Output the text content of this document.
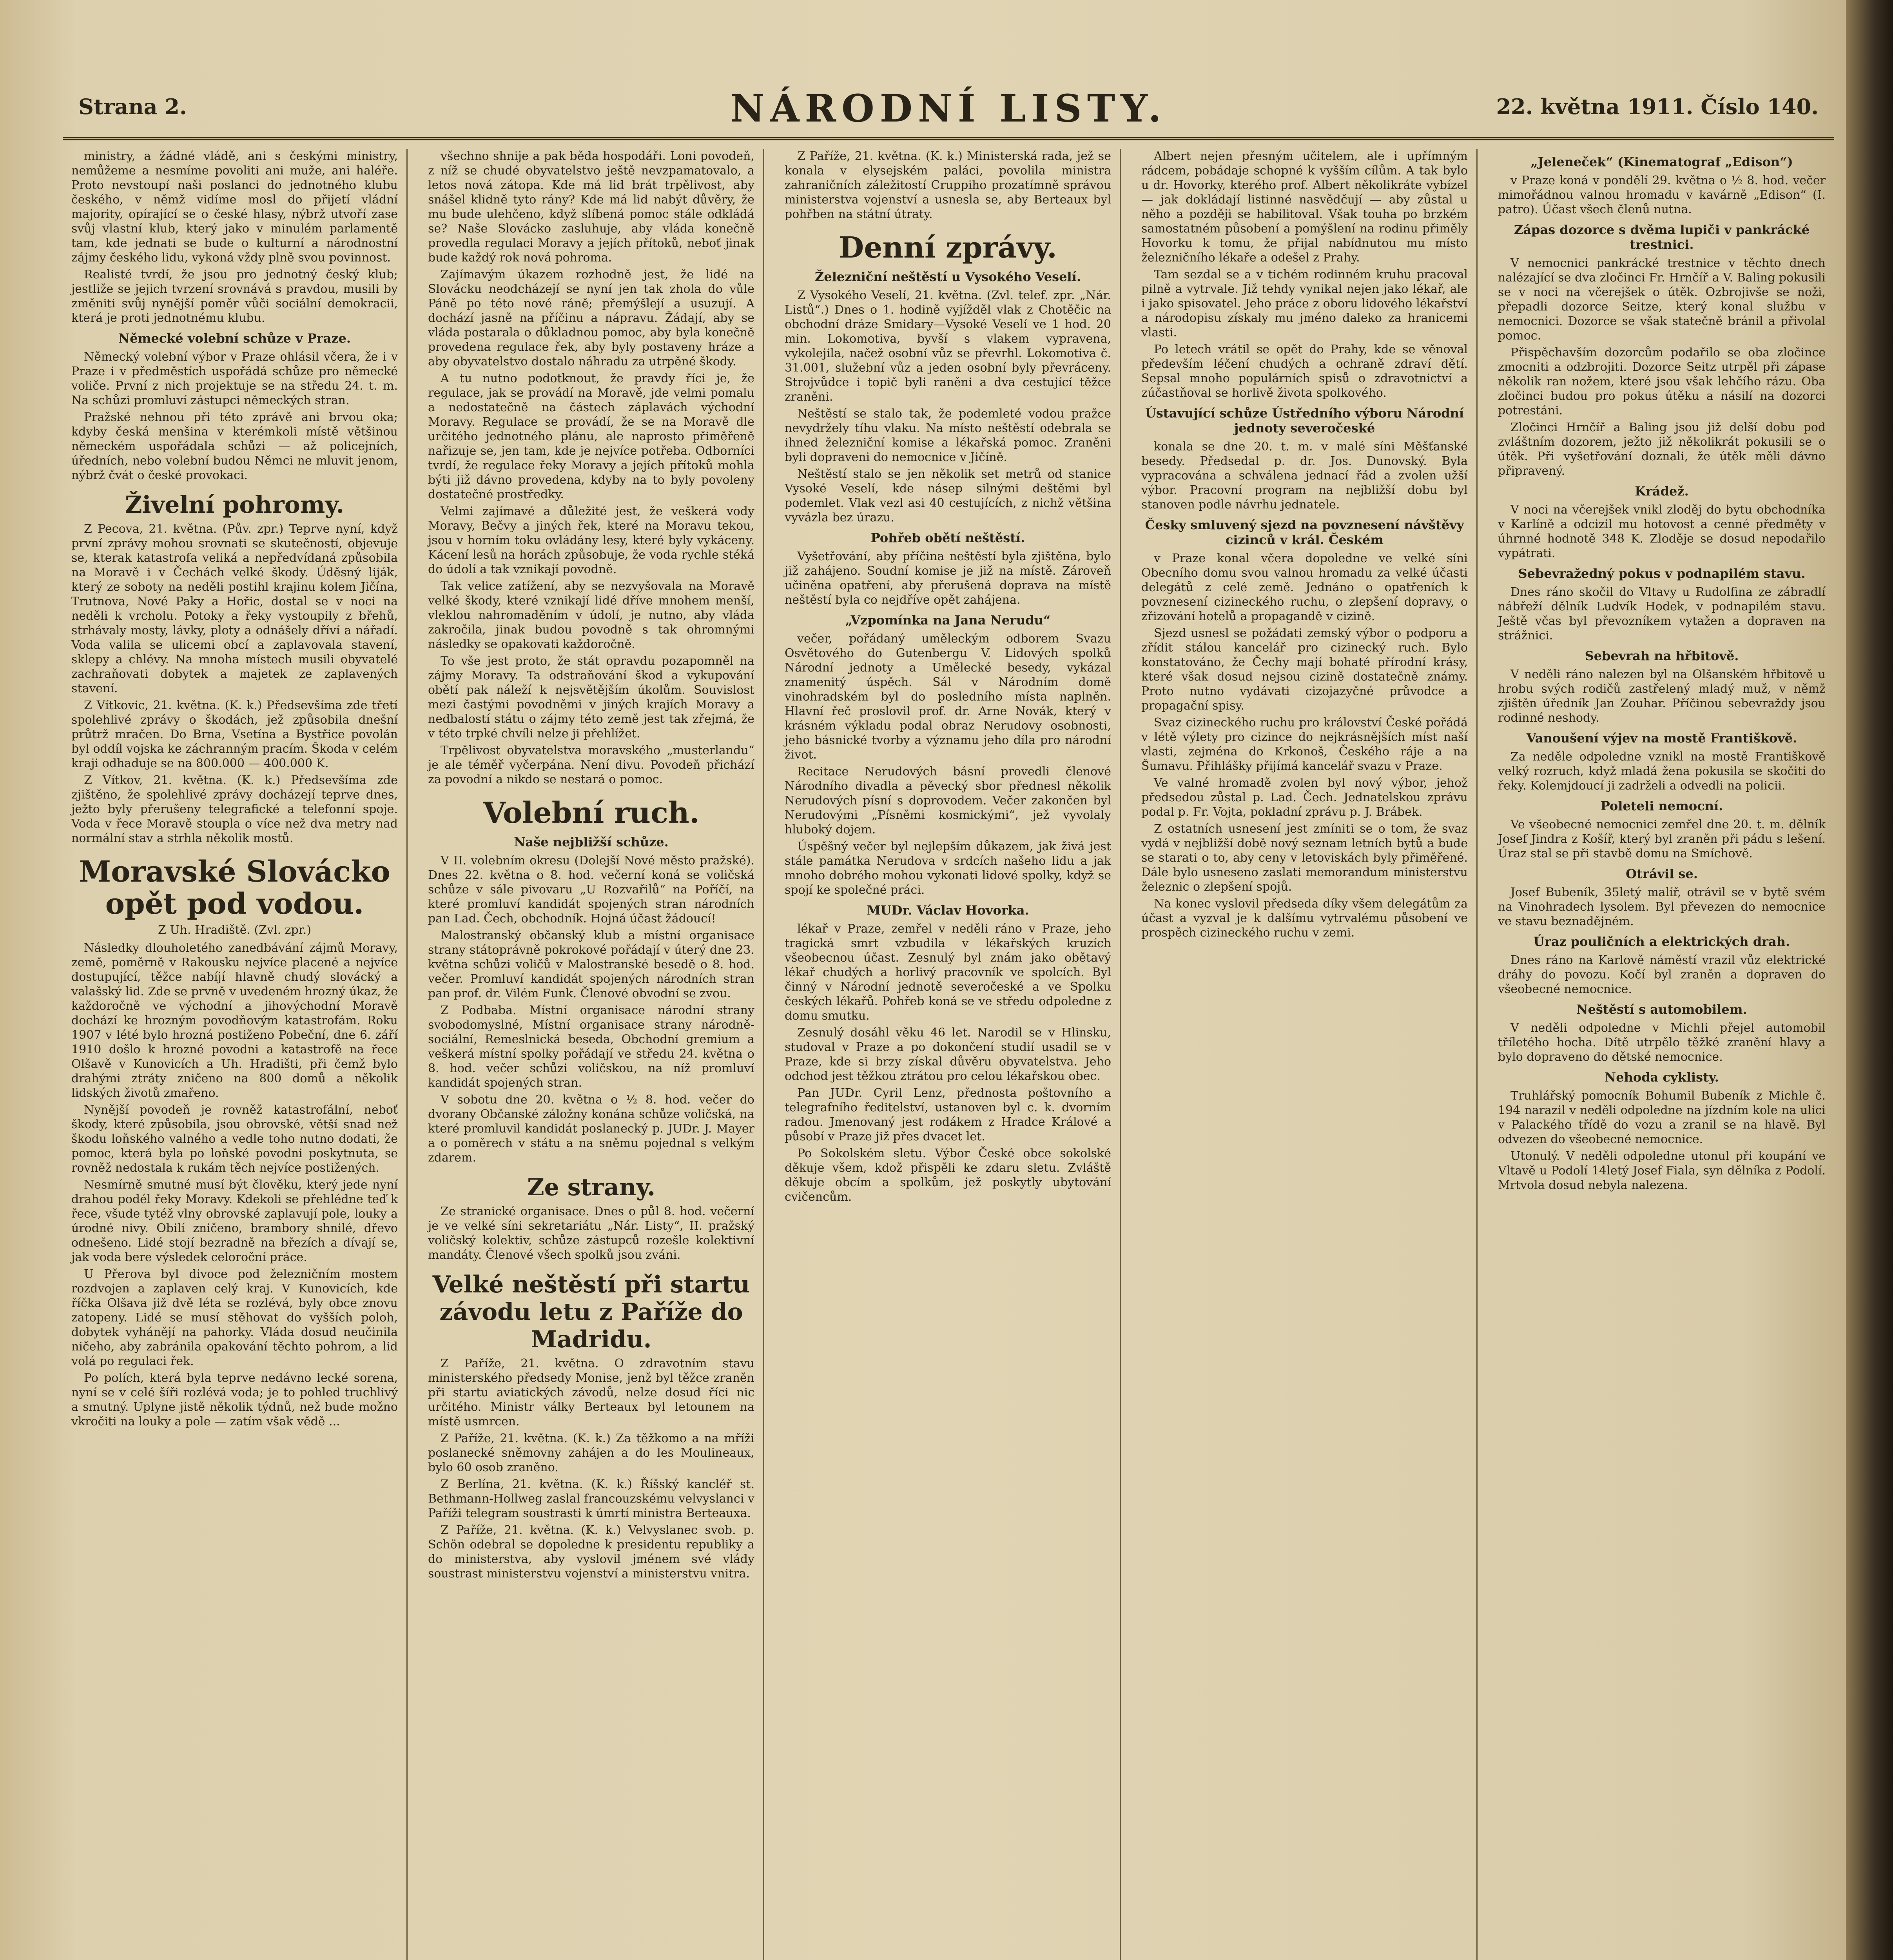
Strana 2.	NÁRODNÍ LISTY.	22. května 1911. Číslo 140.
ministry, a žádné vládě, ani s českými ministry, nemůžeme a nesmíme povoliti ani muže, ani haléře. Proto nevstoupí naši poslanci do jednotného klubu českého, v němž vidíme mosl do přijetí vládní majority, opírající se o české hlasy, nýbrž utvoří zase svůj vlastní klub, který jako v minulém parlamentě tam, kde jednati se bude o kulturní a národnostní zájmy českého lidu, vykoná vždy plně svou povinnost.
Realisté tvrdí, že jsou pro jednotný český klub; jestliže se jejich tvrzení srovnává s pravdou, musili by změniti svůj nynější poměr vůči sociální demokracii, která je proti jednotnému klubu.
Německé volební schůze v Praze.
Německý volební výbor v Praze ohlásil včera, že i v Praze i v předměstích uspořádá schůze pro německé voliče. První z nich projektuje se na středu 24. t. m. Na schůzi promluví zástupci německých stran.
Pražské nehnou při této zprávě ani brvou oka; kdyby česká menšina v kterémkoli místě většinou německém uspořádala schůzi — až policejních, úředních, nebo volební budou Němci ne mluvit jenom, nýbrž čvát o české provokaci.
Živelní pohromy.
Z Pecova, 21. května. (Pův. zpr.) Teprve nyní, když první zprávy mohou srovnati se skutečností, objevuje se, kterak katastrofa veliká a nepředvídaná způsobila na Moravě i v Čechách velké škody. Úděsný liják, který ze soboty na neděli postihl krajinu kolem Jičína, Trutnova, Nové Paky a Hořic, dostal se v noci na neděli k vrcholu. Potoky a řeky vystoupily z břehů, strhávaly mosty, lávky, ploty a odnášely dříví a nářadí. Voda valila se ulicemi obcí a zaplavovala stavení, sklepy a chlévy. Na mnoha místech musili obyvatelé zachraňovati dobytek a majetek ze zaplavených stavení.
Z Vítkovic, 21. května. (K. k.) Předsevšíma zde třetí spolehlivé zprávy o škodách, jež způsobila dnešní průtrž mračen. Do Brna, Vsetína a Bystřice povolán byl oddíl vojska ke záchranným pracím. Škoda v celém kraji odhaduje se na 800.000 — 400.000 K.
Z Vítkov, 21. května. (K. k.) Předsevšíma zde zjištěno, že spolehlivé zprávy docházejí teprve dnes, ježto byly přerušeny telegrafické a telefonní spoje. Voda v řece Moravě stoupla o více než dva metry nad normální stav a strhla několik mostů.
Moravské Slovácko opět pod vodou.
Z Uh. Hradiště. (Zvl. zpr.)
Následky dlouholetého zanedbávání zájmů Moravy, země, poměrně v Rakousku nejvíce placené a nejvíce dostupující, těžce nabíjí hlavně chudý slovácký a valašský lid. Zde se prvně v uvedeném hrozný úkaz, že každoročně ve východní a jihovýchodní Moravě dochází ke hrozným povodňovým katastrofám. Roku 1907 v lété bylo hrozná postiženo Pobeční, dne 6. září 1910 došlo k hrozné povodni a katastrofě na řece Olšavě v Kunovicích a Uh. Hradišti, při čemž bylo drahými ztráty zničeno na 800 domů a několik lidských životů zmařeno.
Nynější povodeň je rovněž katastrofální, neboť škody, které způsobila, jsou obrovské, větší snad než škodu loňského valného a vedle toho nutno dodati, že pomoc, která byla po loňské povodni poskytnuta, se rovněž nedostala k rukám těch nejvíce postižených.
Nesmírně smutné musí být člověku, který jede nyní drahou podél řeky Moravy. Kdekoli se přehlédne teď k řece, všude tytéž vlny obrovské zaplavují pole, louky a úrodné nivy. Obilí zničeno, brambory shnilé, dřevo odnešeno. Lidé stojí bezradně na březích a dívají se, jak voda bere výsledek celoroční práce.
U Přerova byl divoce pod železničním mostem rozdvojen a zaplaven celý kraj. V Kunovicích, kde říčka Olšava již dvě léta se rozlévá, byly obce znovu zatopeny. Lidé se musí stěhovat do vyšších poloh, dobytek vyhánějí na pahorky. Vláda dosud neučinila ničeho, aby zabránila opakování těchto pohrom, a lid volá po regulaci řek.
Po polích, která byla teprve nedávno lecké sorena, nyní se v celé šíři rozlévá voda; je to pohled truchlivý a smutný. Uplyne jistě několik týdnů, než bude možno vkročiti na louky a pole — zatím však vědě ...
všechno shnije a pak běda hospodáři. Loni povodeň, z níž se chudé obyvatelstvo ještě nevzpamatovalo, a letos nová zátopa. Kde má lid brát trpělivost, aby snášel klidně tyto rány? Kde má lid nabýt důvěry, že mu bude ulehčeno, když slíbená pomoc stále odkládá se? Naše Slovácko zasluhuje, aby vláda konečně provedla regulaci Moravy a jejích přítoků, neboť jinak bude každý rok nová pohroma.
Zajímavým úkazem rozhodně jest, že lidé na Slovácku neodcházejí se nyní jen tak zhola do vůle Páně po této nové ráně; přemýšlejí a usuzují. A dochází jasně na příčinu a nápravu. Žádají, aby se vláda postarala o důkladnou pomoc, aby byla konečně provedena regulace řek, aby byly postaveny hráze a aby obyvatelstvo dostalo náhradu za utrpěné škody.
A tu nutno podotknout, že pravdy říci je, že regulace, jak se provádí na Moravě, jde velmi pomalu a nedostatečně na částech záplavách východní Moravy. Regulace se provádí, že se na Moravě dle určitého jednotného plánu, ale naprosto přiměřeně nařizuje se, jen tam, kde je nejvíce potřeba. Odborníci tvrdí, že regulace řeky Moravy a jejích přítoků mohla býti již dávno provedena, kdyby na to byly povoleny dostatečné prostředky.
Velmi zajímavé a důležité jest, že veškerá vody Moravy, Bečvy a jiných řek, které na Moravu tekou, jsou v horním toku ovládány lesy, které byly vykáceny. Kácení lesů na horách způsobuje, že voda rychle stéká do údolí a tak vznikají povodně.
Tak velice zatížení, aby se nezvyšovala na Moravě velké škody, které vznikají lidé dříve mnohem menší, vleklou nahromaděním v údolí, je nutno, aby vláda zakročila, jinak budou povodně s tak ohromnými následky se opakovati každoročně.
To vše jest proto, že stát opravdu pozapomněl na zájmy Moravy. Ta odstraňování škod a vykupování obětí pak náleží k nejsvětějším úkolům. Souvislost mezi častými povodněmi v jiných krajích Moravy a nedbalostí státu o zájmy této země jest tak zřejmá, že v této trpké chvíli nelze ji přehlížet.
Trpělivost obyvatelstva moravského „musterlandu“ je ale téměř vyčerpána. Není divu. Povodeň přichází za povodní a nikdo se nestará o pomoc.
Volební ruch.
Naše nejbližší schůze.
V II. volebním okresu (Dolejší Nové město pražské). Dnes 22. května o 8. hod. večerní koná se voličská schůze v sále pivovaru „U Rozvařilů“ na Poříčí, na které promluví kandidát spojených stran národních pan Lad. Čech, obchodník. Hojná účast žádoucí!
Malostranský občanský klub a místní organisace strany státoprávně pokrokové pořádají v úterý dne 23. května schůzi voličů v Malostranské besedě o 8. hod. večer. Promluví kandidát spojených národních stran pan prof. dr. Vilém Funk. Členové obvodní se zvou.
Z Podbaba. Místní organisace národní strany svobodomyslné, Místní organisace strany národně-sociální, Remeslnická beseda, Obchodní gremium a veškerá místní spolky pořádají ve středu 24. května o 8. hod. večer schůzi voličskou, na níž promluví kandidát spojených stran.
V sobotu dne 20. května o ½ 8. hod. večer do dvorany Občanské záložny konána schůze voličská, na které promluvil kandidát poslanecký p. JUDr. J. Mayer a o poměrech v státu a na sněmu pojednal s velkým zdarem.
Ze strany.
Ze stranické organisace. Dnes o půl 8. hod. večerní je ve velké síni sekretariátu „Nár. Listy“, II. pražský voličský kolektiv, schůze zástupců rozešle kolektivní mandáty. Členové všech spolků jsou zváni.
Velké neštěstí při startu závodu letu z Paříže do Madridu.
Z Paříže, 21. května. O zdravotním stavu ministerského předsedy Monise, jenž byl těžce zraněn při startu aviatických závodů, nelze dosud říci nic určitého. Ministr války Berteaux byl letounem na místě usmrcen.
Z Paříže, 21. května. (K. k.) Za těžkomo a na mříži poslanecké sněmovny zahájen a do les Moulineaux, bylo 60 osob zraněno.
Z Berlína, 21. května. (K. k.) Říšský kancléř st. Bethmann-Hollweg zaslal francouzskému velvyslanci v Paříži telegram soustrasti k úmrtí ministra Berteauxa.
Z Paříže, 21. května. (K. k.) Velvyslanec svob. p. Schön odebral se dopoledne k presidentu republiky a do ministerstva, aby vyslovil jménem své vlády soustrast ministerstvu vojenství a ministerstvu vnitra.
Z Paříže, 21. května. (K. k.) Ministerská rada, jež se konala v elysejském paláci, povolila ministra zahraničních záležitostí Cruppiho prozatímně správou ministerstva vojenství a usnesla se, aby Berteaux byl pohřben na státní útraty.
Denní zprávy.
Železniční neštěstí u Vysokého Veselí.
Z Vysokého Veselí, 21. května. (Zvl. telef. zpr. „Nár. Listů“.) Dnes o 1. hodině vyjížděl vlak z Chotěčic na obchodní dráze Smidary—Vysoké Veselí ve 1 hod. 20 min. Lokomotiva, byvší s vlakem vypravena, vykolejila, načež osobní vůz se převrhl. Lokomotiva č. 31.001, služební vůz a jeden osobní byly převráceny. Strojvůdce i topič byli raněni a dva cestující těžce zraněni.
Neštěstí se stalo tak, že podemleté vodou pražce nevydržely tíhu vlaku. Na místo neštěstí odebrala se ihned železniční komise a lékařská pomoc. Zraněni byli dopraveni do nemocnice v Jičíně.
Neštěstí stalo se jen několik set metrů od stanice Vysoké Veselí, kde násep silnými deštěmi byl podemlet. Vlak vezl asi 40 cestujících, z nichž většina vyvázla bez úrazu.
Pohřeb obětí neštěstí.
Vyšetřování, aby příčina neštěstí byla zjištěna, bylo již zahájeno. Soudní komise je již na místě. Zároveň učiněna opatření, aby přerušená doprava na místě neštěstí byla co nejdříve opět zahájena.
„Vzpomínka na Jana Nerudu“
večer, pořádaný uměleckým odborem Svazu Osvětového do Gutenbergu V. Lidových spolků Národní jednoty a Umělecké besedy, vykázal znamenitý úspěch. Sál v Národním domě vinohradském byl do posledního místa naplněn. Hlavní řeč proslovil prof. dr. Arne Novák, který v krásném výkladu podal obraz Nerudovy osobnosti, jeho básnické tvorby a významu jeho díla pro národní život.
Recitace Nerudových básní provedli členové Národního divadla a pěvecký sbor přednesl několik Nerudových písní s doprovodem. Večer zakončen byl Nerudovými „Písněmi kosmickými“, jež vyvolaly hluboký dojem.
Úspěšný večer byl nejlepším důkazem, jak živá jest stále památka Nerudova v srdcích našeho lidu a jak mnoho dobrého mohou vykonati lidové spolky, když se spojí ke společné práci.
MUDr. Václav Hovorka.
lékař v Praze, zemřel v neděli ráno v Praze, jeho tragická smrt vzbudila v lékařských kruzích všeobecnou účast. Zesnulý byl znám jako obětavý lékař chudých a horlivý pracovník ve spolcích. Byl činný v Národní jednotě severočeské a ve Spolku českých lékařů. Pohřeb koná se ve středu odpoledne z domu smutku.
Zesnulý dosáhl věku 46 let. Narodil se v Hlinsku, studoval v Praze a po dokončení studií usadil se v Praze, kde si brzy získal důvěru obyvatelstva. Jeho odchod jest těžkou ztrátou pro celou lékařskou obec.
Pan JUDr. Cyril Lenz, přednosta poštovního a telegrafního ředitelství, ustanoven byl c. k. dvorním radou. Jmenovaný jest rodákem z Hradce Králové a působí v Praze již přes dvacet let.
Po Sokolském sletu. Výbor České obce sokolské děkuje všem, kdož přispěli ke zdaru sletu. Zvláště děkuje obcím a spolkům, jež poskytly ubytování cvičencům.
Albert nejen přesným učitelem, ale i upřímným rádcem, pobádaje schopné k vyšším cílům. A tak bylo u dr. Hovorky, kterého prof. Albert několikráte vybízel — jak dokládají listinné nasvědčují — aby zůstal u něho a později se habilitoval. Však touha po brzkém samostatném působení a pomýšlení na rodinu přiměly Hovorku k tomu, že přijal nabídnutou mu místo železničního lékaře a odešel z Prahy.
Tam sezdal se a v tichém rodinném kruhu pracoval pilně a vytrvale. Již tehdy vynikal nejen jako lékař, ale i jako spisovatel. Jeho práce z oboru lidového lékařství a národopisu získaly mu jméno daleko za hranicemi vlasti.
Po letech vrátil se opět do Prahy, kde se věnoval především léčení chudých a ochraně zdraví dětí. Sepsal mnoho populárních spisů o zdravotnictví a zúčastňoval se horlivě života spolkového.
Ústavující schůze Ústředního výboru Národní jednoty severočeské
konala se dne 20. t. m. v malé síni Měšťanské besedy. Předsedal p. dr. Jos. Dunovský. Byla vypracována a schválena jednací řád a zvolen užší výbor. Pracovní program na nejbližší dobu byl stanoven podle návrhu jednatele.
Česky smluvený sjezd na povznesení návštěvy cizinců v král. Českém
v Praze konal včera dopoledne ve velké síni Obecního domu svou valnou hromadu za velké účasti delegátů z celé země. Jednáno o opatřeních k povznesení cizineckého ruchu, o zlepšení dopravy, o zřizování hotelů a propagandě v cizině.
Sjezd usnesl se požádati zemský výbor o podporu a zřídit stálou kancelář pro cizinecký ruch. Bylo konstatováno, že Čechy mají bohaté přírodní krásy, které však dosud nejsou cizině dostatečně známy. Proto nutno vydávati cizojazyčné průvodce a propagační spisy.
Svaz cizineckého ruchu pro království České pořádá v létě výlety pro cizince do nejkrásnějších míst naší vlasti, zejména do Krkonoš, Českého ráje a na Šumavu. Přihlášky přijímá kancelář svazu v Praze.
Ve valné hromadě zvolen byl nový výbor, jehož předsedou zůstal p. Lad. Čech. Jednatelskou zprávu podal p. Fr. Vojta, pokladní zprávu p. J. Brábek.
Z ostatních usnesení jest zmíniti se o tom, že svaz vydá v nejbližší době nový seznam letních bytů a bude se starati o to, aby ceny v letoviskách byly přiměřené. Dále bylo usneseno zaslati memorandum ministerstvu železnic o zlepšení spojů.
Na konec vyslovil předseda díky všem delegátům za účast a vyzval je k dalšímu vytrvalému působení ve prospěch cizineckého ruchu v zemi.
„Jeleneček“ (Kinematograf „Edison“)
v Praze koná v pondělí 29. května o ½ 8. hod. večer mimořádnou valnou hromadu v kavárně „Edison“ (I. patro). Účast všech členů nutna.
Zápas dozorce s dvěma lupiči v pankrácké trestnici.
V nemocnici pankrácké trestnice v těchto dnech nalézající se dva zločinci Fr. Hrnčíř a V. Baling pokusili se v noci na včerejšek o útěk. Ozbrojivše se noži, přepadli dozorce Seitze, který konal službu v nemocnici. Dozorce se však statečně bránil a přivolal pomoc.
Přispěchavším dozorcům podařilo se oba zločince zmocniti a odzbrojiti. Dozorce Seitz utrpěl při zápase několik ran nožem, které jsou však lehčího rázu. Oba zločinci budou pro pokus útěku a násilí na dozorci potrestáni.
Zločinci Hrnčíř a Baling jsou již delší dobu pod zvláštním dozorem, ježto již několikrát pokusili se o útěk. Při vyšetřování doznali, že útěk měli dávno připravený.
Krádež.
V noci na včerejšek vnikl zloděj do bytu obchodníka v Karlíně a odcizil mu hotovost a cenné předměty v úhrnné hodnotě 348 K. Zloděje se dosud nepodařilo vypátrati.
Sebevražedný pokus v podnapilém stavu.
Dnes ráno skočil do Vltavy u Rudolfina ze zábradlí nábřeží dělník Ludvík Hodek, v podnapilém stavu. Ještě včas byl převozníkem vytažen a dopraven na strážnici.
Sebevrah na hřbitově.
V neděli ráno nalezen byl na Olšanském hřbitově u hrobu svých rodičů zastřelený mladý muž, v němž zjištěn úředník Jan Zouhar. Příčinou sebevraždy jsou rodinné neshody.
Vanoušení výjev na mostě Františkově.
Za neděle odpoledne vznikl na mostě Františkově velký rozruch, když mladá žena pokusila se skočiti do řeky. Kolemjdoucí ji zadrželi a odvedli na policii.
Poleteli nemocní.
Ve všeobecné nemocnici zemřel dne 20. t. m. dělník Josef Jindra z Košíř, který byl zraněn při pádu s lešení. Úraz stal se při stavbě domu na Smíchově.
Otrávil se.
Josef Bubeník, 35letý malíř, otrávil se v bytě svém na Vinohradech lysolem. Byl převezen do nemocnice ve stavu beznadějném.
Úraz pouličních a elektrických drah.
Dnes ráno na Karlově náměstí vrazil vůz elektrické dráhy do povozu. Kočí byl zraněn a dopraven do všeobecné nemocnice.
Neštěstí s automobilem.
V neděli odpoledne v Michli přejel automobil tříletého hocha. Dítě utrpělo těžké zranění hlavy a bylo dopraveno do dětské nemocnice.
Nehoda cyklisty.
Truhlářský pomocník Bohumil Bubeník z Michle č. 194 narazil v neděli odpoledne na jízdním kole na ulici v Palackého třídě do vozu a zranil se na hlavě. Byl odvezen do všeobecné nemocnice.
Utonulý. V neděli odpoledne utonul při koupání ve Vltavě u Podolí 14letý Josef Fiala, syn dělníka z Podolí. Mrtvola dosud nebyla nalezena.
